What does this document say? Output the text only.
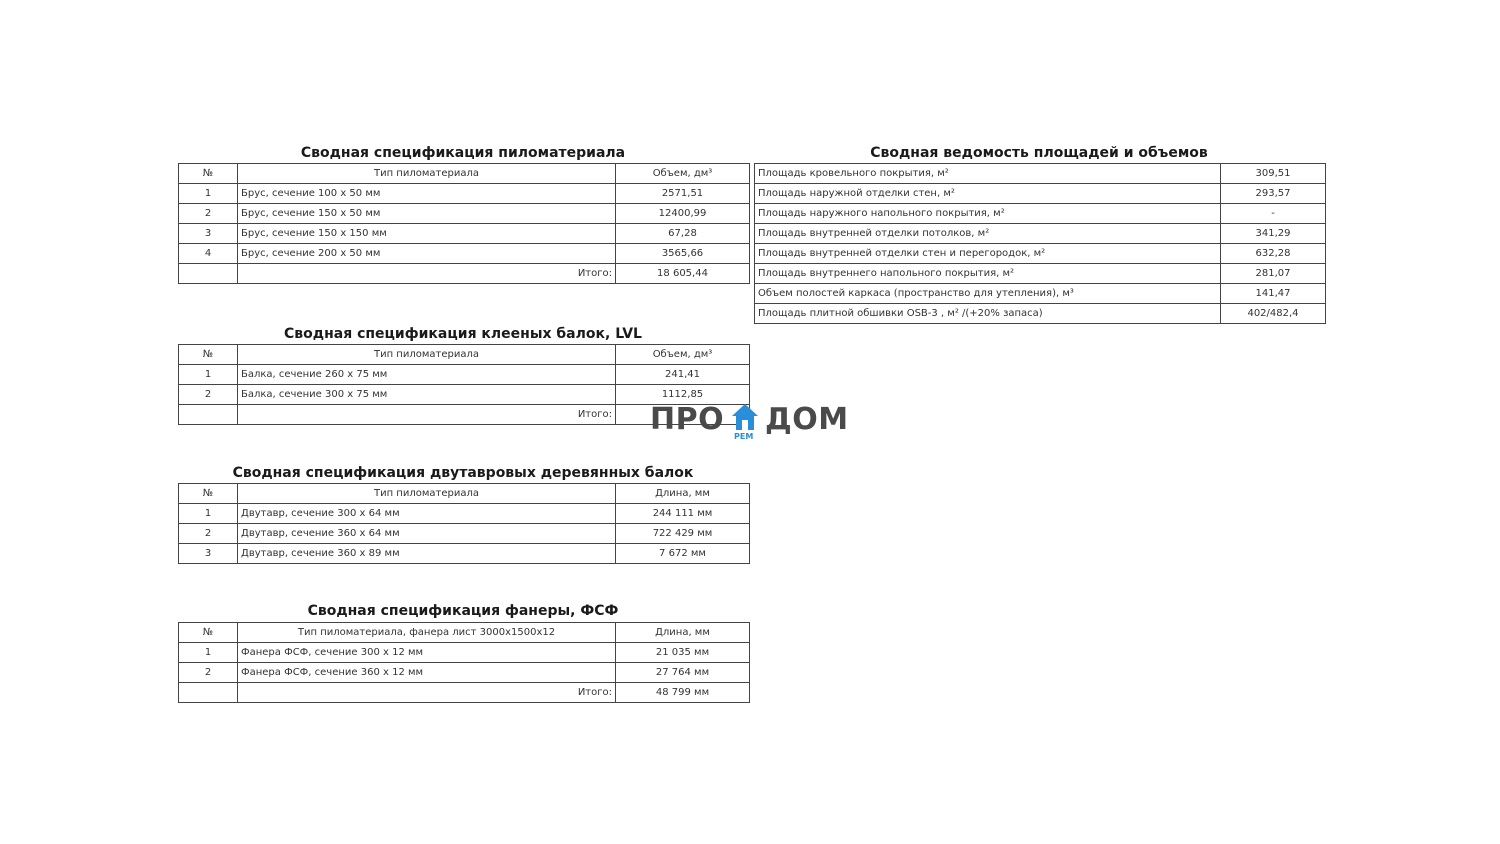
Сводная спецификация пиломатериала
№	Тип пиломатериала	Объем, дм³
1	Брус, сечение 100 x 50 мм	2571,51
2	Брус, сечение 150 x 50 мм	12400,99
3	Брус, сечение 150 x 150 мм	67,28
4	Брус, сечение 200 x 50 мм	3565,66
	Итого:	18 605,44
Сводная спецификация клееных балок, LVL
№	Тип пиломатериала	Объем, дм³
1	Балка, сечение 260 x 75 мм	241,41
2	Балка, сечение 300 x 75 мм	1112,85
	Итого:	
Сводная спецификация двутавровых деревянных балок
№	Тип пиломатериала	Длина, мм
1	Двутавр, сечение 300 x 64 мм	244 111 мм
2	Двутавр, сечение 360 x 64 мм	722 429 мм
3	Двутавр, сечение 360 x 89 мм	7 672 мм
Сводная спецификация фанеры, ФСФ
№	Тип пиломатериала, фанера лист 3000x1500x12	Длина, мм
1	Фанера ФСФ, сечение 300 x 12 мм	21 035 мм
2	Фанера ФСФ, сечение 360 x 12 мм	27 764 мм
	Итого:	48 799 мм
Сводная ведомость площадей и объемов
Площадь кровельного покрытия, м²	309,51
Площадь наружной отделки стен, м²	293,57
Площадь наружного напольного покрытия, м²	-
Площадь внутренней отделки потолков, м²	341,29
Площадь внутренней отделки стен и перегородок, м²	632,28
Площадь внутреннего напольного покрытия, м²	281,07
Объем полостей каркаса (пространство для утепления), м³	141,47
Площадь плитной обшивки OSB-3 , м² /(+20% запаса)	402/482,4
ПРО РЕМ ДОМ
